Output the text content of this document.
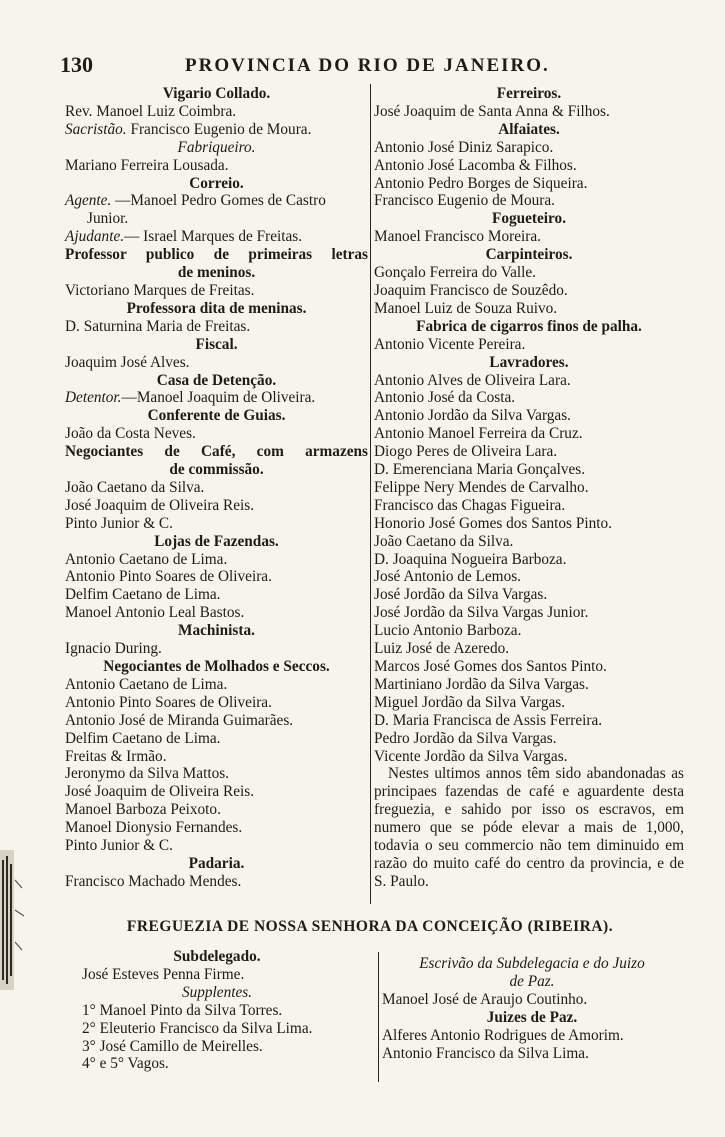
130	PROVINCIA DO RIO DE JANEIRO.
Vigario Collado.
Rev. Manoel Luiz Coimbra.
Sacristão. Francisco Eugenio de Moura.
Fabriqueiro.
Mariano Ferreira Lousada.
Correio.
Agente. —Manoel Pedro Gomes de Castro
Junior.
Ajudante.— Israel Marques de Freitas.
Professor publico de primeiras letras
de meninos.
Victoriano Marques de Freitas.
Professora dita de meninas.
D. Saturnina Maria de Freitas.
Fiscal.
Joaquim José Alves.
Casa de Detenção.
Detentor.—Manoel Joaquim de Oliveira.
Conferente de Guias.
João da Costa Neves.
Negociantes de Café, com armazens
de commissão.
João Caetano da Silva.
José Joaquim de Oliveira Reis.
Pinto Junior & C.
Lojas de Fazendas.
Antonio Caetano de Lima.
Antonio Pinto Soares de Oliveira.
Delfim Caetano de Lima.
Manoel Antonio Leal Bastos.
Machinista.
Ignacio During.
Negociantes de Molhados e Seccos.
Antonio Caetano de Lima.
Antonio Pinto Soares de Oliveira.
Antonio José de Miranda Guimarães.
Delfim Caetano de Lima.
Freitas & Irmão.
Jeronymo da Silva Mattos.
José Joaquim de Oliveira Reis.
Manoel Barboza Peixoto.
Manoel Dionysio Fernandes.
Pinto Junior & C.
Padaria.
Francisco Machado Mendes.
Ferreiros.
José Joaquim de Santa Anna & Filhos.
Alfaiates.
Antonio José Diniz Sarapico.
Antonio José Lacomba & Filhos.
Antonio Pedro Borges de Siqueira.
Francisco Eugenio de Moura.
Fogueteiro.
Manoel Francisco Moreira.
Carpinteiros.
Gonçalo Ferreira do Valle.
Joaquim Francisco de Souzêdo.
Manoel Luiz de Souza Ruivo.
Fabrica de cigarros finos de palha.
Antonio Vicente Pereira.
Lavradores.
Antonio Alves de Oliveira Lara.
Antonio José da Costa.
Antonio Jordão da Silva Vargas.
Antonio Manoel Ferreira da Cruz.
Diogo Peres de Oliveira Lara.
D. Emerenciana Maria Gonçalves.
Felippe Nery Mendes de Carvalho.
Francisco das Chagas Figueira.
Honorio José Gomes dos Santos Pinto.
João Caetano da Silva.
D. Joaquina Nogueira Barboza.
José Antonio de Lemos.
José Jordão da Silva Vargas.
José Jordão da Silva Vargas Junior.
Lucio Antonio Barboza.
Luiz José de Azeredo.
Marcos José Gomes dos Santos Pinto.
Martiniano Jordão da Silva Vargas.
Miguel Jordão da Silva Vargas.
D. Maria Francisca de Assis Ferreira.
Pedro Jordão da Silva Vargas.
Vicente Jordão da Silva Vargas.
Nestes ultimos annos têm sido abandonadas as principaes fazendas de café e aguardente desta freguezia, e sahido por isso os escravos, em numero que se póde elevar a mais de 1,000, todavia o seu commercio não tem diminuido em razão do muito café do centro da provincia, e de S. Paulo.
FREGUEZIA DE NOSSA SENHORA DA CONCEIÇÃO (RIBEIRA).
Subdelegado.
José Esteves Penna Firme.
Supplentes.
1° Manoel Pinto da Silva Torres.
2° Eleuterio Francisco da Silva Lima.
3° José Camillo de Meirelles.
4° e 5° Vagos.
Escrivão da Subdelegacia e do Juizo
de Paz.
Manoel José de Araujo Coutinho.
Juizes de Paz.
Alferes Antonio Rodrigues de Amorim.
Antonio Francisco da Silva Lima.
